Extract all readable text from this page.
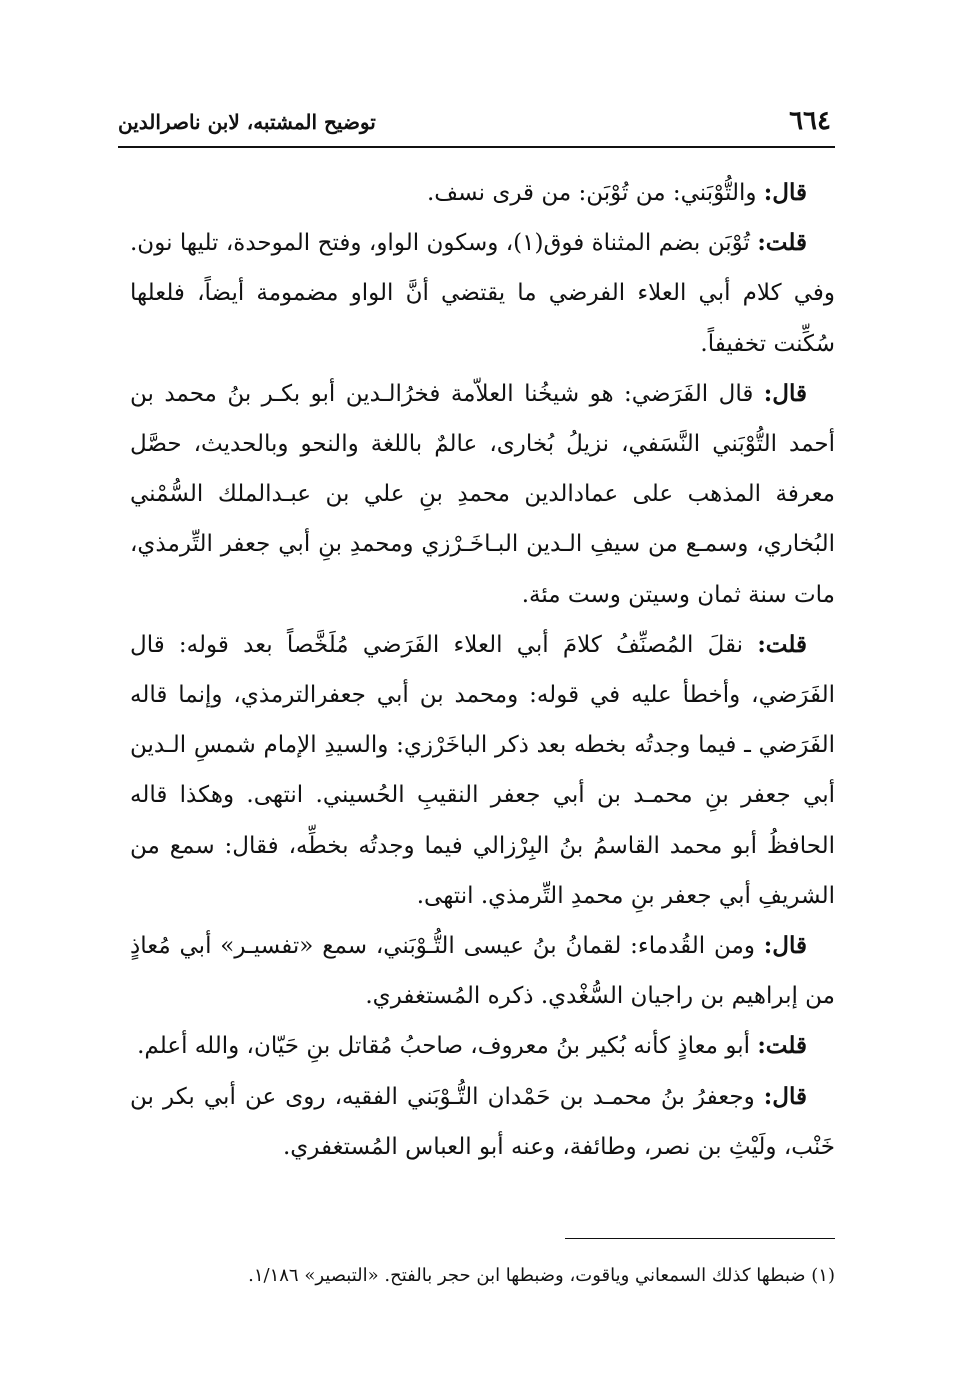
٦٦٤
توضيح المشتبه، لابن ناصرالدين

قال: والتُّوْبَني: من تُوْبَن: من قرى نسف.

قلت: تُوْبَن بضم المثناة فوق(١)، وسكون الواو، وفتح الموحدة، تليها نون. وفي كلام أبي العلاء الفرضي ما يقتضي أنَّ الواو مضمومة أيضاً، فلعلها سُكِّنت تخفيفاً.

قال: قال الفَرَضي: هو شيخُنا العلاّمة فخرُالـدين أبو بكـر بنُ محمد بن أحمد التُّوْبَني النَّسَفي، نزيلُ بُخارى، عالمٌ باللغة والنحو وبالحديث، حصَّل معرفة المذهب على عمادالدين محمدِ بنِ علي بن عبـدالملك السُّمْني البُخاري، وسمـع من سيفِ الـدين البـاخَـرْزي ومحمدِ بنِ أبي جعفر التِّرمذي، مات سنة ثمان وسيتن وست مئة.

قلت: نقلَ المُصنِّفُ كلامَ أبي العلاء الفَرَضي مُلَخَّصاً بعد قوله: قال الفَرَضي، وأخطأ عليه في قوله: ومحمد بن أبي جعفرالترمذي، وإنما قاله الفَرَضي ـ فيما وجدتُه بخطه بعد ذكر الباخَرْزي: والسيدِ الإمام شمسِ الـدين أبي جعفر بنِ محمـد بن أبي جعفر النقيبِ الحُسيني. انتهى. وهكذا قاله الحافظُ أبو محمد القاسمُ بنُ البِرْزالي فيما وجدتُه بخطِّه، فقال: سمع من الشريفِ أبي جعفر بنِ محمدِ التِّرمذي. انتهى.

قال: ومن القُدماء: لقمانُ بنُ عيسى التُّـوْبَني، سمع «تفسيـر» أبي مُعاذٍ من إبراهيم بن راجيان السُّغْدي. ذكره المُستغفري.

قلت: أبو معاذٍ كأنه بُكير بنُ معروف، صاحبُ مُقاتل بنِ حَيّان، والله أعلم.

قال: وجعفرُ بنُ محمـد بن حَمْدان التُّـوْبَني الفقيه، روى عن أبي بكر بن خَنْب، ولَيْثِ بن نصر، وطائفة، وعنه أبو العباس المُستغفري.

(١) ضبطها كذلك السمعاني وياقوت، وضبطها ابن حجر بالفتح. «التبصير» ١/١٨٦.
